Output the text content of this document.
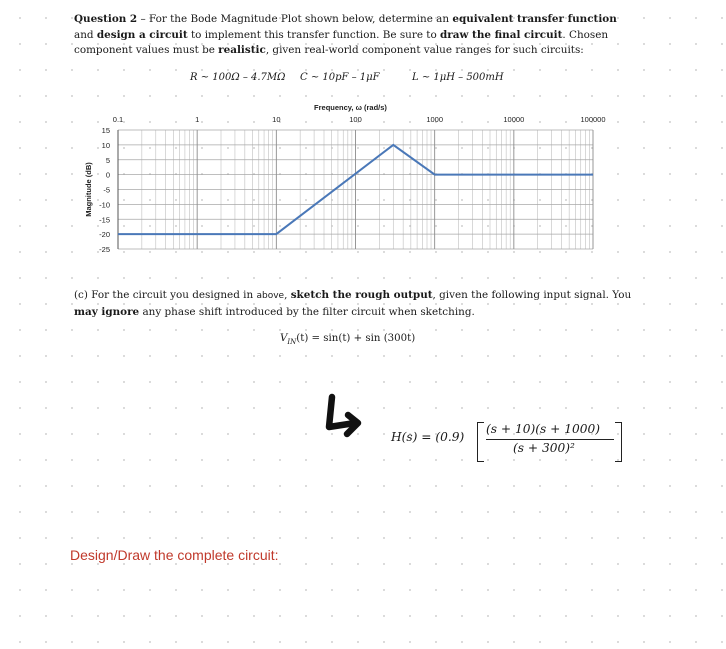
Question 2 – For the Bode Magnitude Plot shown below, determine an equivalent transfer function and design a circuit to implement this transfer function. Be sure to draw the final circuit. Chosen component values must be realistic, given real-world component value ranges for such circuits:
R ~ 100Ω – 4.7MΩ C ~ 10pF – 1μF	L ~ 1μH – 500mH
0.1	1	10	100	1000	10000	100000
15
10
5
0
-5
-10
-15
-20
-25
Frequency, ω (rad/s)
Magnitude (dB)
(c) For the circuit you designed in above, sketch the rough output, given the following input signal. You may ignore any phase shift introduced by the filter circuit when sketching.
$V_{IN}(t) = \sin(t) + \sin (300t)$
H(s) = (0.9)
(s + 10)(s + 1000)
(s + 300)²
Design/Draw the complete circuit:
